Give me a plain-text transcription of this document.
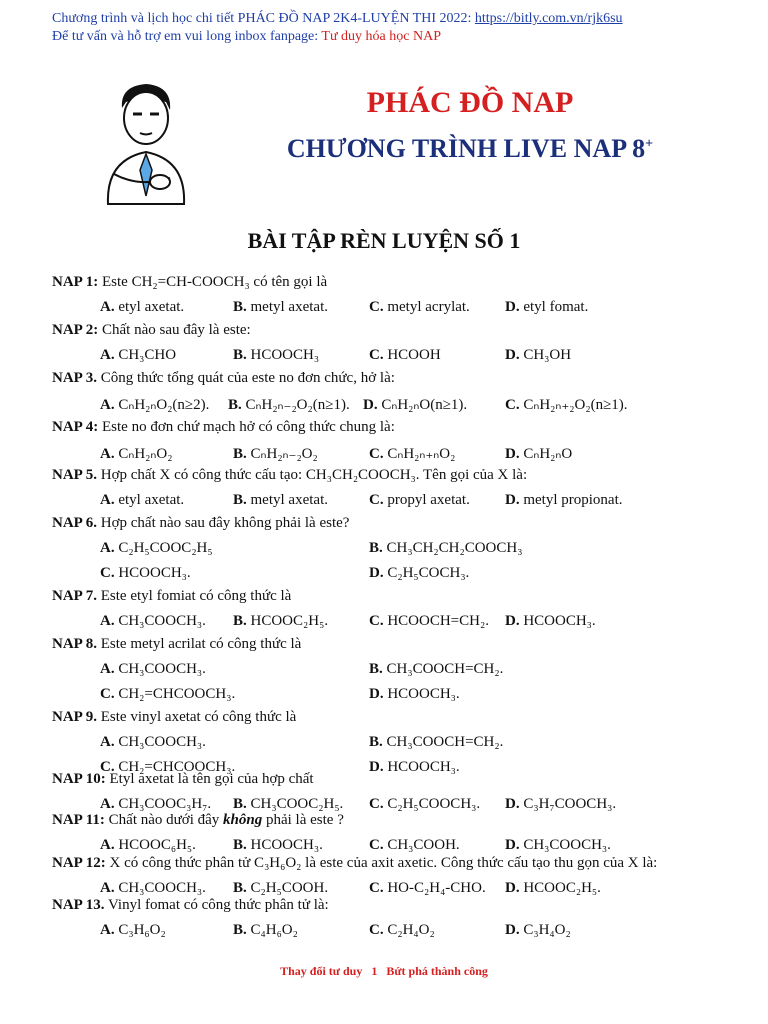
Chương trình và lịch học chi tiết PHÁC ĐỒ NAP 2K4-LUYỆN THI 2022: https://bitly.com.vn/rjk6su
Để tư vấn và hỗ trợ em vui long inbox fanpage: Tư duy hóa học NAP
PHÁC ĐỒ NAP
CHƯƠNG TRÌNH LIVE NAP 8+
BÀI TẬP RÈN LUYỆN SỐ 1
NAP 1: Este CH₂=CH-COOCH₃ có tên gọi là
A. etyl axetat.	B. metyl axetat.	C. metyl acrylat. D. etyl fomat.
NAP 2: Chất nào sau đây là este:
A. CH₃CHO	B. HCOOCH₃	C. HCOOH	D. CH₃OH
NAP 3. Công thức tổng quát của este no đơn chức, hở là:
A. CₙH₂ₙO₂(n≥2). B. CₙH₂ₙ₋₂O₂(n≥1). D. CₙH₂ₙO(n≥1).	C. CₙH₂ₙ₊₂O₂(n≥1).
NAP 4: Este no đơn chứ mạch hở có công thức chung là:
A. CₙH₂ₙO₂	B. CₙH₂ₙ₋₂O₂	C. CₙH₂ₙ₊ₙO₂	D. CₙH₂ₙO
NAP 5. Hợp chất X có công thức cấu tạo: CH₃CH₂COOCH₃. Tên gọi của X là:
A. etyl axetat.	B. metyl axetat.	C. propyl axetat. D. metyl propionat.
NAP 6. Hợp chất nào sau đây không phải là este?
A. C₂H₅COOC₂H₅	B. CH₃CH₂CH₂COOCH₃
C. HCOOCH₃.	D. C₂H₅COCH₃.
NAP 7. Este etyl fomiat có công thức là
A. CH₃COOCH₃. B. HCOOC₂H₅.	C. HCOOCH=CH₂. D. HCOOCH₃.
NAP 8. Este metyl acrilat có công thức là
A. CH₃COOCH₃.	B. CH₃COOCH=CH₂.
C. CH₂=CHCOOCH₃.	D. HCOOCH₃.
NAP 9. Este vinyl axetat có công thức là
A. CH₃COOCH₃.	B. CH₃COOCH=CH₂.
C. CH₂=CHCOOCH₃.	D. HCOOCH₃.
NAP 10: Etyl axetat là tên gọi của hợp chất
A. CH₃COOC₃H₇. B. CH₃COOC₂H₅. C. C₂H₅COOCH₃. D. C₃H₇COOCH₃.
NAP 11: Chất nào dưới đây không phải là este ?
A. HCOOC₆H₅. B. HCOOCH₃.	C. CH₃COOH.	D. CH₃COOCH₃.
NAP 12: X có công thức phân tử C₃H₆O₂ là este của axit axetic. Công thức cấu tạo thu gọn của X là:
A. CH₃COOCH₃. B. C₂H₅COOH.	C. HO-C₂H₄-CHO. D. HCOOC₂H₅.
NAP 13. Vinyl fomat có công thức phân tử là:
A. C₃H₆O₂	B. C₄H₆O₂	C. C₂H₄O₂	D. C₃H₄O₂
Thay đổi tư duy 1 Bứt phá thành công
